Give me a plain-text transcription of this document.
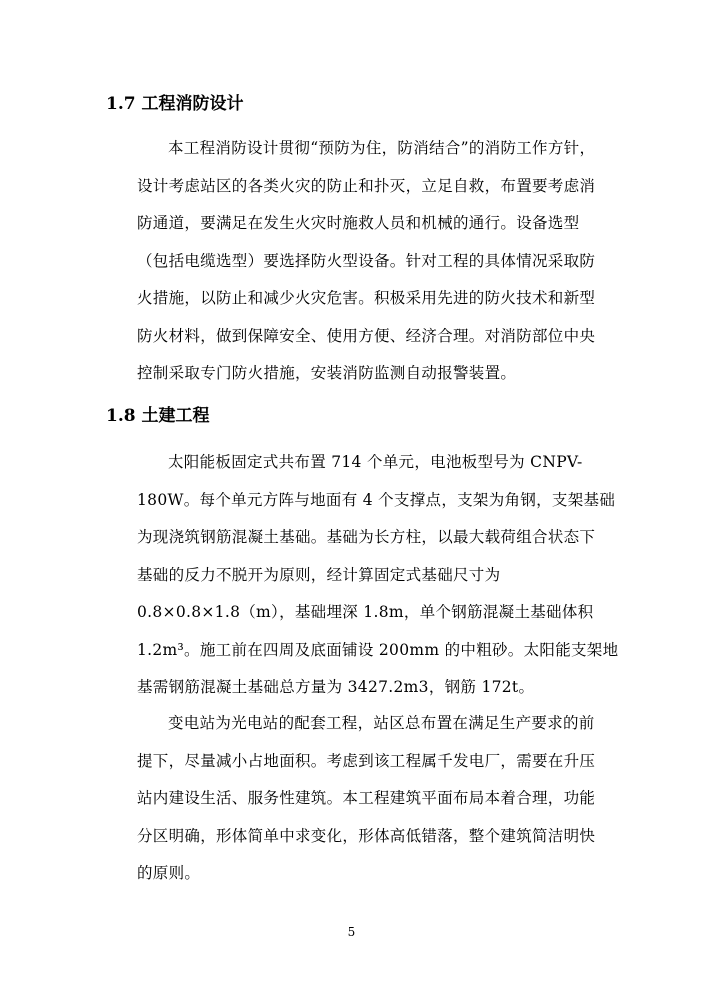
1.7 工程消防设计
本工程消防设计贯彻“预防为住，防消结合”的消防工作方针，
设计考虑站区的各类火灾的防止和扑灭，立足自救，布置要考虑消
防通道，要满足在发生火灾时施救人员和机械的通行。设备选型
（包括电缆选型）要选择防火型设备。针对工程的具体情况采取防
火措施，以防止和减少火灾危害。积极采用先进的防火技术和新型
防火材料，做到保障安全、使用方便、经济合理。对消防部位中央
控制采取专门防火措施，安装消防监测自动报警装置。
1.8 土建工程
太阳能板固定式共布置 714 个单元，电池板型号为 CNPV-
180W。每个单元方阵与地面有 4 个支撑点，支架为角钢，支架基础
为现浇筑钢筋混凝土基础。基础为长方柱，以最大载荷组合状态下
基础的反力不脱开为原则，经计算固定式基础尺寸为
0.8×0.8×1.8（m），基础埋深 1.8m，单个钢筋混凝土基础体积
1.2m³。施工前在四周及底面铺设 200mm 的中粗砂。太阳能支架地
基需钢筋混凝土基础总方量为 3427.2m3，钢筋 172t。
变电站为光电站的配套工程，站区总布置在满足生产要求的前
提下，尽量减小占地面积。考虑到该工程属千发电厂，需要在升压
站内建设生活、服务性建筑。本工程建筑平面布局本着合理，功能
分区明确，形体简单中求变化，形体高低错落，整个建筑简洁明快
的原则。
5
